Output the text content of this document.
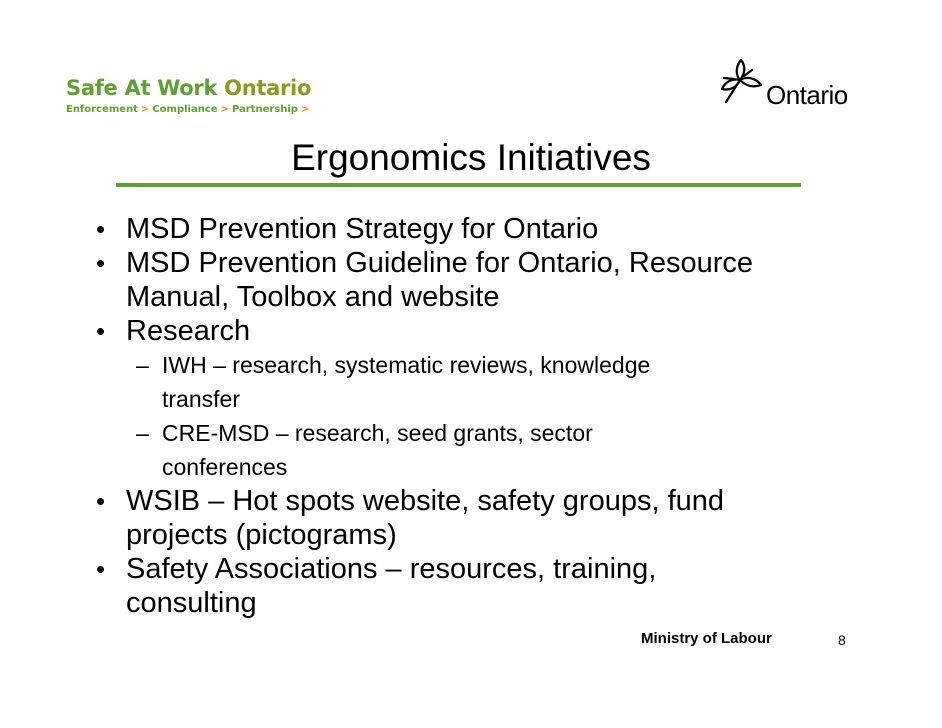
Safe At Work Ontario
Enforcement > Compliance > Partnership >	Ontario
Ergonomics Initiatives
• MSD Prevention Strategy for Ontario
• MSD Prevention Guideline for Ontario, Resource
Manual, Toolbox and website
• Research
– IWH – research, systematic reviews, knowledge
transfer
– CRE-MSD – research, seed grants, sector
conferences
• WSIB – Hot spots website, safety groups, fund
projects (pictograms)
• Safety Associations – resources, training,
consulting
Ministry of Labour	8
